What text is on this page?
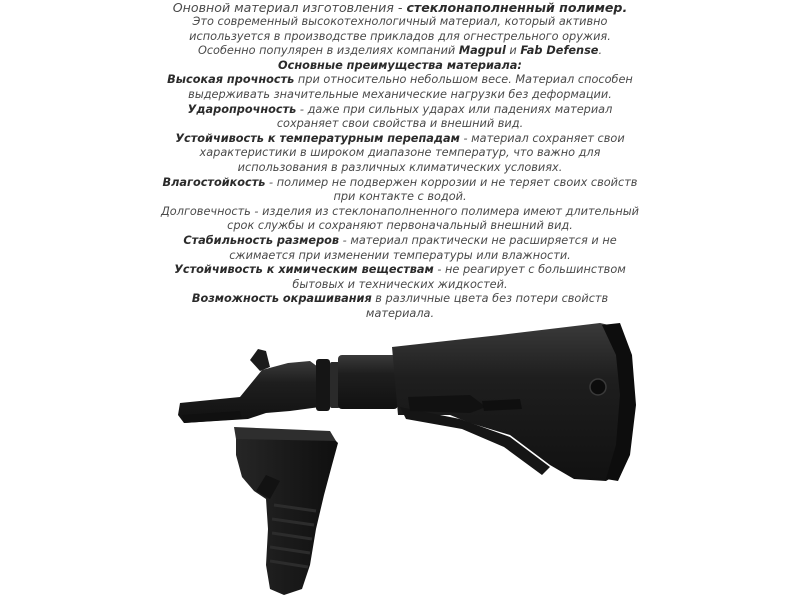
Оновной материал изготовления - стеклонаполненный полимер.

Это современный высокотехнологичный материал, который активно используется в производстве прикладов для огнестрельного оружия. Особенно популярен в изделиях компаний Magpul и Fab Defense.

Основные преимущества материала:

Высокая прочность при относительно небольшом весе. Материал способен выдерживать значительные механические нагрузки без деформации.

Ударопрочность - даже при сильных ударах или падениях материал сохраняет свои свойства и внешний вид.

Устойчивость к температурным перепадам - материал сохраняет свои характеристики в широком диапазоне температур, что важно для использования в различных климатических условиях.

Влагостойкость - полимер не подвержен коррозии и не теряет своих свойств при контакте с водой.

Долговечность - изделия из стеклонаполненного полимера имеют длительный срок службы и сохраняют первоначальный внешний вид.

Стабильность размеров - материал практически не расширяется и не сжимается при изменении температуры или влажности.

Устойчивость к химическим веществам - не реагирует с большинством бытовых и технических жидкостей.

Возможность окрашивания в различные цвета без потери свойств материала.
